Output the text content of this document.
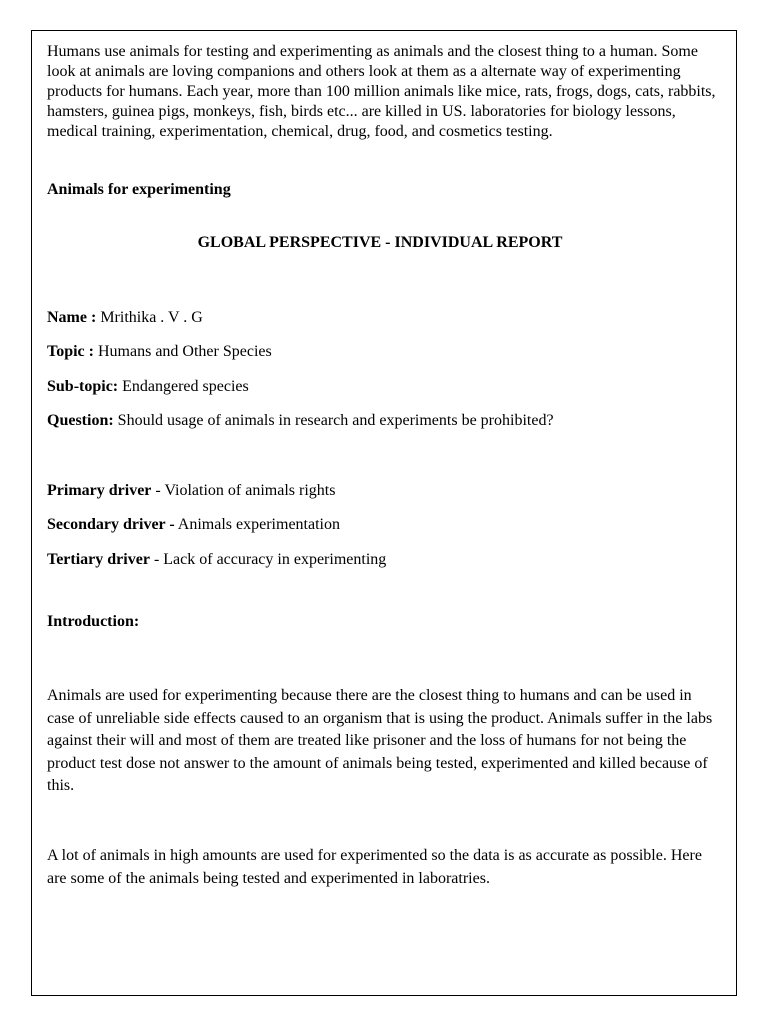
Humans use animals for testing and experimenting as animals and the closest thing to a human. Some look at animals are loving companions and others look at them as a alternate way of experimenting products for humans. Each year, more than 100 million animals like mice, rats, frogs, dogs, cats, rabbits, hamsters, guinea pigs, monkeys, fish, birds etc... are killed in US. laboratories for biology lessons, medical training, experimentation, chemical, drug, food, and cosmetics testing.

Animals for experimenting

GLOBAL PERSPECTIVE - INDIVIDUAL REPORT

Name : Mrithika . V . G

Topic : Humans and Other Species

Sub-topic: Endangered species

Question: Should usage of animals in research and experiments be prohibited?

Primary driver - Violation of animals rights

Secondary driver - Animals experimentation

Tertiary driver - Lack of accuracy in experimenting

Introduction:

Animals are used for experimenting because there are the closest thing to humans and can be used in case of unreliable side effects caused to an organism that is using the product. Animals suffer in the labs against their will and most of them are treated like prisoner and the loss of humans for not being the product test dose not answer to the amount of animals being tested, experimented and killed because of this.

A lot of animals in high amounts are used for experimented so the data is as accurate as possible. Here are some of the animals being tested and experimented in laboratries.
